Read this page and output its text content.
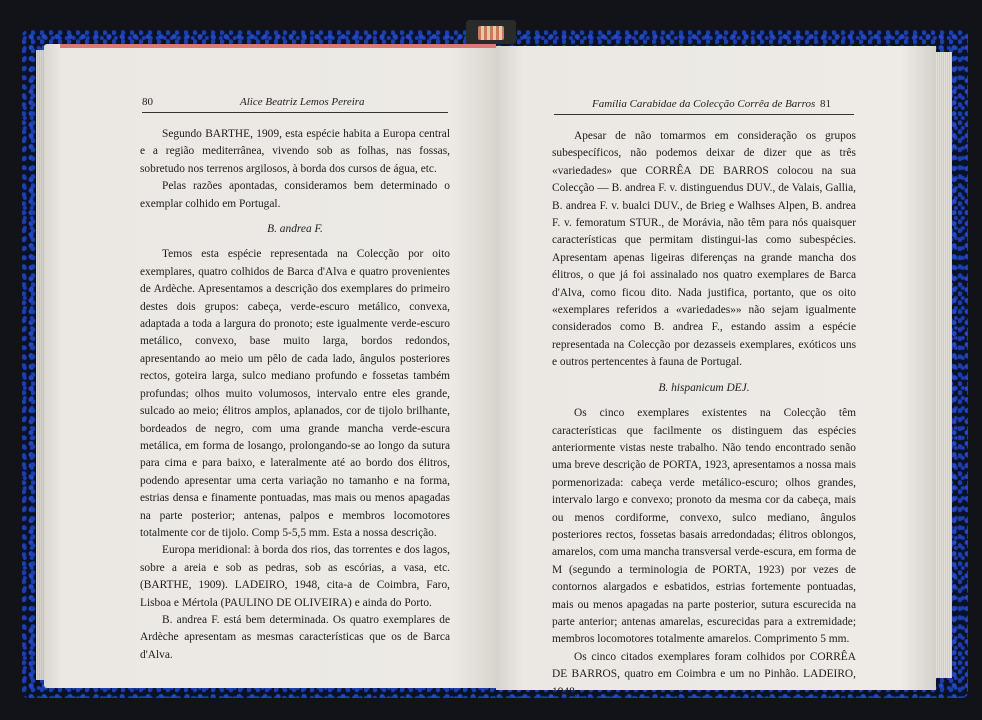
80	Alice Beatriz Lemos Pereira

Segundo BARTHE, 1909, esta espécie habita a Europa central e a região mediterrânea, vivendo sob as folhas, nas fossas, sobretudo nos terrenos argilosos, à borda dos cursos de água, etc.

Pelas razões apontadas, consideramos bem determinado o exemplar colhido em Portugal.

B. andrea F.

Temos esta espécie representada na Colecção por oito exemplares, quatro colhidos de Barca d'Alva e quatro provenientes de Ardèche. Apresentamos a descrição dos exemplares do primeiro destes dois grupos: cabeça, verde-escuro metálico, convexa, adaptada a toda a largura do pronoto; este igualmente verde-escuro metálico, convexo, base muito larga, bordos redondos, apresentando ao meio um pêlo de cada lado, ângulos posteriores rectos, goteira larga, sulco mediano profundo e fossetas também profundas; olhos muito volumosos, intervalo entre eles grande, sulcado ao meio; élitros amplos, aplanados, cor de tijolo brilhante, bordeados de negro, com uma grande mancha verde-escura metálica, em forma de losango, prolongando-se ao longo da sutura para cima e para baixo, e lateralmente até ao bordo dos élitros, podendo apresentar uma certa variação no tamanho e na forma, estrias densa e finamente pontuadas, mas mais ou menos apagadas na parte posterior; antenas, palpos e membros locomotores totalmente cor de tijolo. Comp 5-5,5 mm. Esta a nossa descrição.

Europa meridional: à borda dos rios, das torrentes e dos lagos, sobre a areia e sob as pedras, sob as escórias, a vasa, etc. (BARTHE, 1909). LADEIRO, 1948, cita-a de Coimbra, Faro, Lisboa e Mértola (PAULINO DE OLIVEIRA) e ainda do Porto.

B. andrea F. está bem determinada. Os quatro exemplares de Ardèche apresentam as mesmas características que os de Barca d'Alva.

Família Carabidae da Colecção Corrêa de Barros 81

Apesar de não tomarmos em consideração os grupos subespecíficos, não podemos deixar de dizer que as três «variedades» que CORRÊA DE BARROS colocou na sua Colecção — B. andrea F. v. distinguendus DUV., de Valais, Gallia, B. andrea F. v. bualci DUV., de Brieg e Walhses Alpen, B. andrea F. v. femoratum STUR., de Morávia, não têm para nós quaisquer características que permitam distingui-las como subespécies. Apresentam apenas ligeiras diferenças na grande mancha dos élitros, o que já foi assinalado nos quatro exemplares de Barca d'Alva, como ficou dito. Nada justifica, portanto, que os oito «exemplares referidos a «variedades»» não sejam igualmente considerados como B. andrea F., estando assim a espécie representada na Colecção por dezasseis exemplares, exóticos uns e outros pertencentes à fauna de Portugal.

B. hispanicum DEJ.

Os cinco exemplares existentes na Colecção têm características que facilmente os distinguem das espécies anteriormente vistas neste trabalho. Não tendo encontrado senão uma breve descrição de PORTA, 1923, apresentamos a nossa mais pormenorizada: cabeça verde metálico-escuro; olhos grandes, intervalo largo e convexo; pronoto da mesma cor da cabeça, mais ou menos cordiforme, convexo, sulco mediano, ângulos posteriores rectos, fossetas basais arredondadas; élitros oblongos, amarelos, com uma mancha transversal verde-escura, em forma de M (segundo a terminologia de PORTA, 1923) por vezes de contornos alargados e esbatidos, estrias fortemente pontuadas, mais ou menos apagadas na parte posterior, sutura escurecida na parte anterior; antenas amarelas, escurecidas para a extremidade; membros locomotores totalmente amarelos. Comprimento 5 mm.

Os cinco citados exemplares foram colhidos por CORRÊA DE BARROS, quatro em Coimbra e um no Pinhão. LADEIRO, 1948,
